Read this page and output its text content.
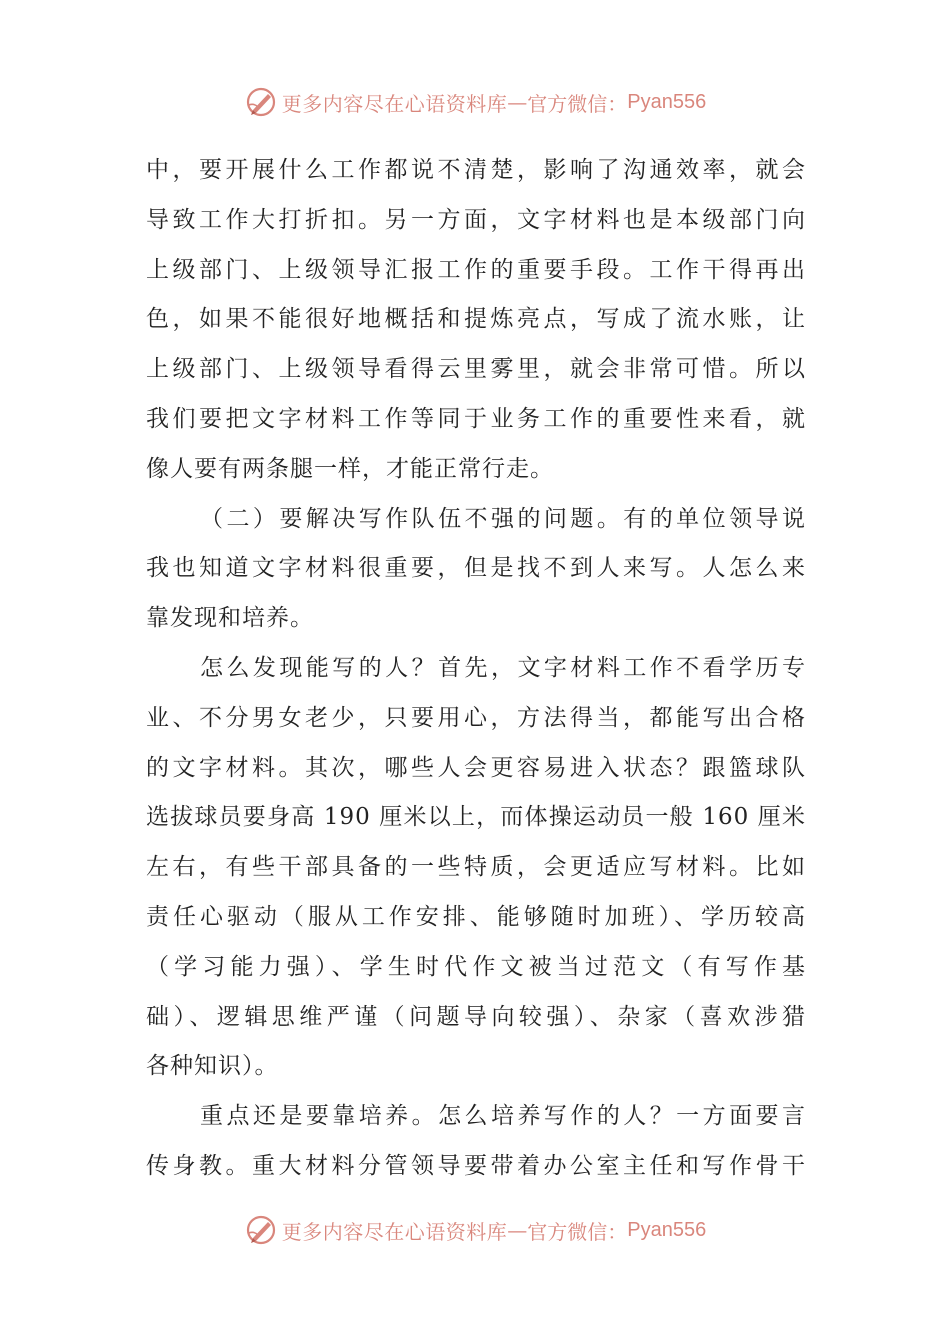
更多内容尽在心语资料库 — 官方微信： Pyan556
中，要开展什么工作都说不清楚，影响了沟通效率，就会
导致工作大打折扣。另一方面，文字材料也是本级部门向
上级部门、上级领导汇报工作的重要手段。工作干得再出
色，如果不能很好地概括和提炼亮点，写成了流水账，让
上级部门、上级领导看得云里雾里，就会非常可惜。所以
我们要把文字材料工作等同于业务工作的重要性来看，就
像人要有两条腿一样，才能正常行走。
（二）要解决写作队伍不强的问题。有的单位领导说
我也知道文字材料很重要，但是找不到人来写。人怎么来
靠发现和培养。
怎么发现能写的人？首先，文字材料工作不看学历专
业、不分男女老少，只要用心，方法得当，都能写出合格
的文字材料。其次，哪些人会更容易进入状态？跟篮球队
选拔球员要身高 190 厘米以上，而体操运动员一般 160 厘米
左右，有些干部具备的一些特质，会更适应写材料。比如
责任心驱动（服从工作安排、能够随时加班）、学历较高
（学习能力强）、学生时代作文被当过范文（有写作基
础）、逻辑思维严谨（问题导向较强）、杂家（喜欢涉猎
各种知识）。
重点还是要靠培养。怎么培养写作的人？一方面要言
传身教。重大材料分管领导要带着办公室主任和写作骨干
更多内容尽在心语资料库 — 官方微信： Pyan556
